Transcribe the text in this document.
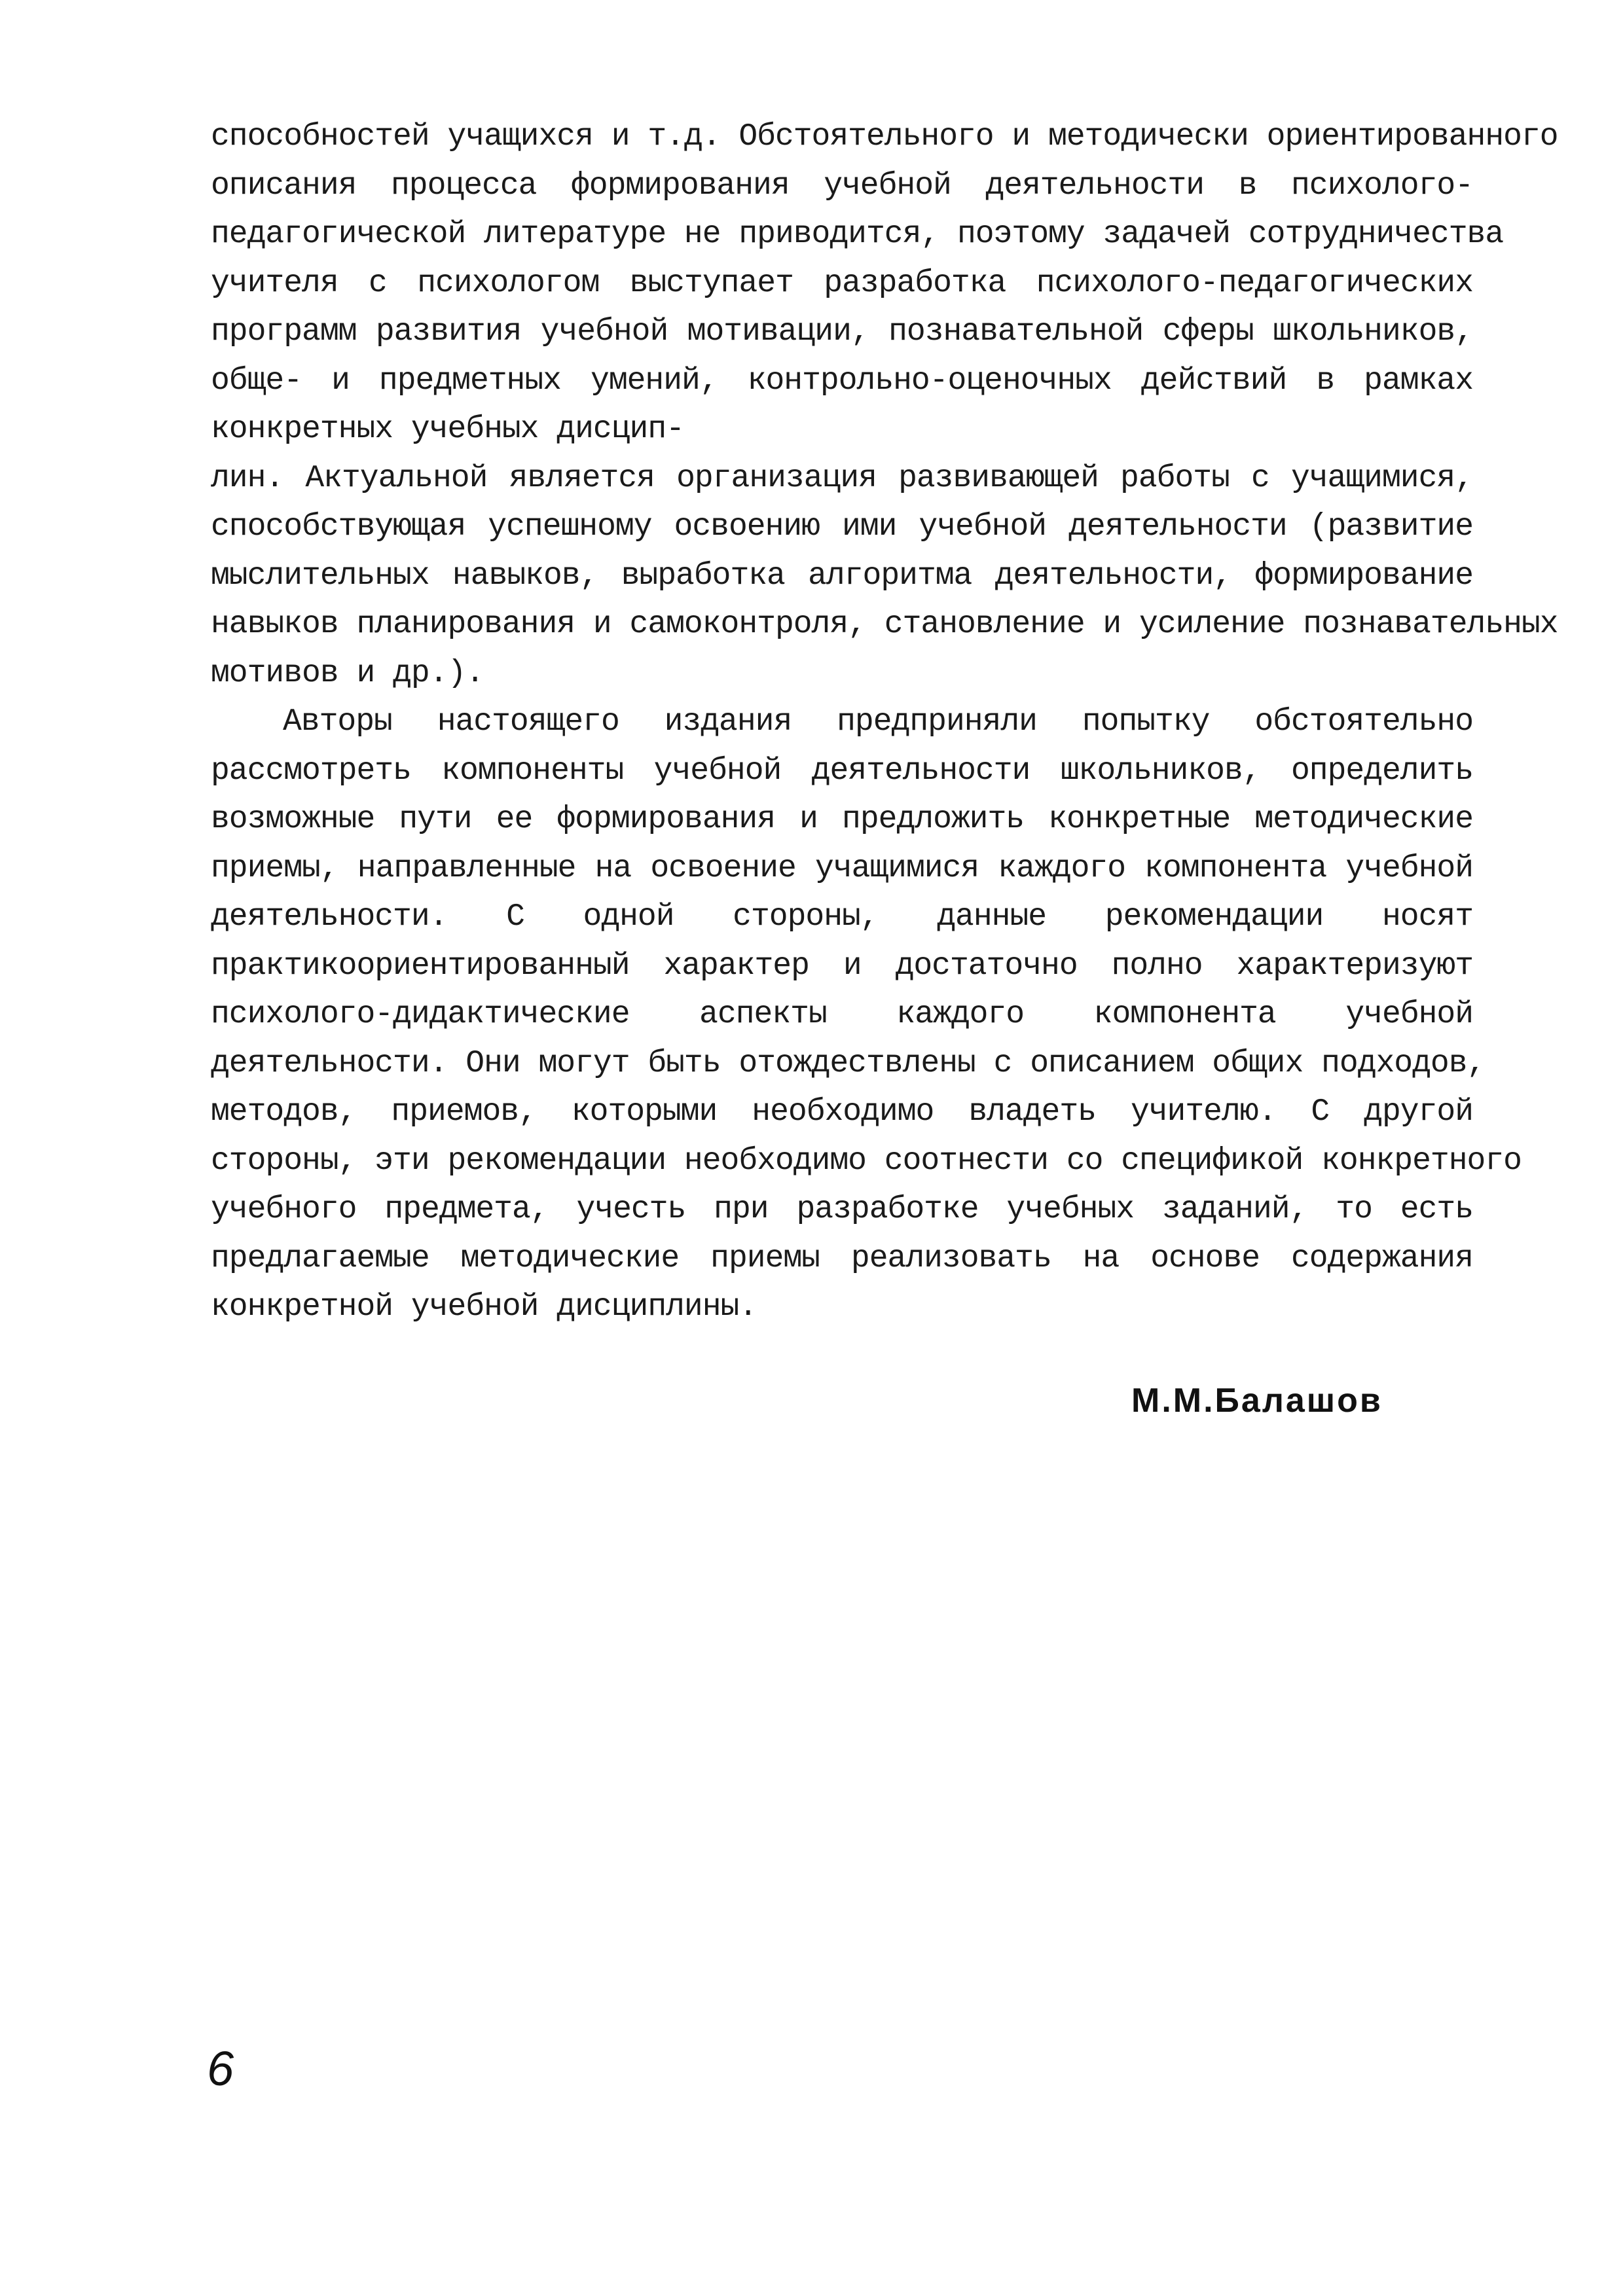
способностей учащихся и т.д. Обстоятельного и методически ориентированного
описания процесса формирования учебной деятельности в психолого-
педагогической литературе не приводится, поэтому задачей сотрудничества
учителя с психологом выступает разработка психолого-педагогических
программ развития учебной мотивации, познавательной сферы школьников,
обще- и предметных умений, контрольно-оценочных действий в рамках
конкретных учебных дисцип-
лин. Актуальной является организация развивающей работы с учащимися,
способствующая успешному освоению ими учебной деятельности (развитие
мыслительных навыков, выработка алгоритма деятельности, формирование
навыков планирования и самоконтроля, становление и усиление познавательных
мотивов и др.).
Авторы настоящего издания предприняли попытку обстоятельно
рассмотреть компоненты учебной деятельности школьников, определить
возможные пути ее формирования и предложить конкретные методические
приемы, направленные на освоение учащимися каждого компонента учебной
деятельности. С одной стороны, данные рекомендации носят
практикоориентированный характер и достаточно полно характеризуют
психолого-дидактические аспекты каждого компонента учебной
деятельности. Они могут быть отождествлены с описанием общих подходов,
методов, приемов, которыми необходимо владеть учителю. С другой
стороны, эти рекомендации необходимо соотнести со спецификой конкретного
учебного предмета, учесть при разработке учебных заданий, то есть
предлагаемые методические приемы реализовать на основе содержания
конкретной учебной дисциплины.
М.М.Балашов
6
